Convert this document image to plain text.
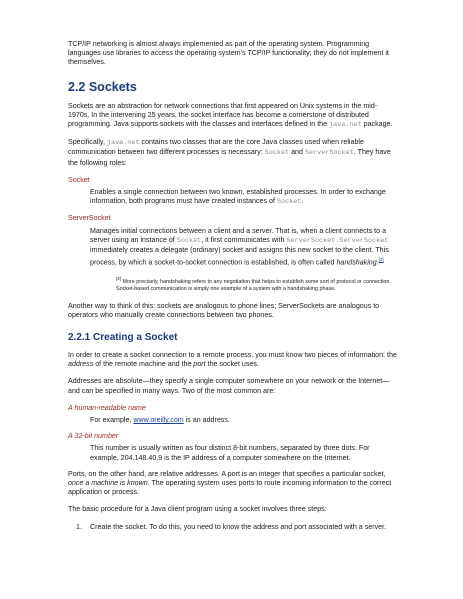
TCP/IP networking is almost always implemented as part of the operating system. Programming languages use libraries to access the operating system's TCP/IP functionality; they do not implement it themselves.

2.2 Sockets

Sockets are an abstraction for network connections that first appeared on Unix systems in the mid-1970s. In the intervening 25 years, the socket interface has become a cornerstone of distributed programming. Java supports sockets with the classes and interfaces defined in the java.net package.

Specifically, java.net contains two classes that are the core Java classes used when reliable communication between two different processes is necessary: Socket and ServerSocket. They have the following roles:

Socket
Enables a single connection between two known, established processes. In order to exchange information, both programs must have created instances of Socket.
ServerSocket
Manages initial connections between a client and a server. That is, when a client connects to a server using an instance of Socket, it first communicates with ServerSocket.ServerSocket immediately creates a delegate (ordinary) socket and assigns this new socket to the client. This process, by which a socket-to-socket connection is established, is often called handshaking.[2]
[2] More precisely, handshaking refers to any negotiation that helps to establish some sort of protocol or connection. Socket-based communication is simply one example of a system with a handshaking phase.

Another way to think of this: sockets are analogous to phone lines; ServerSockets are analogous to operators who manually create connections between two phones.

2.2.1 Creating a Socket

In order to create a socket connection to a remote process, you must know two pieces of information: the address of the remote machine and the port the socket uses.

Addresses are absolute—they specify a single computer somewhere on your network or the Internet—and can be specified in many ways. Two of the most common are:

A human-readable name
For example, www.oreilly.com is an address.
A 32-bit number
This number is usually written as four distinct 8-bit numbers, separated by three dots. For example, 204.148.40.9 is the IP address of a computer somewhere on the Internet.

Ports, on the other hand, are relative addresses. A port is an integer that specifies a particular socket, once a machine is known. The operating system uses ports to route incoming information to the correct application or process.

The basic procedure for a Java client program using a socket involves three steps:

1.	Create the socket. To do this, you need to know the address and port associated with a server.
